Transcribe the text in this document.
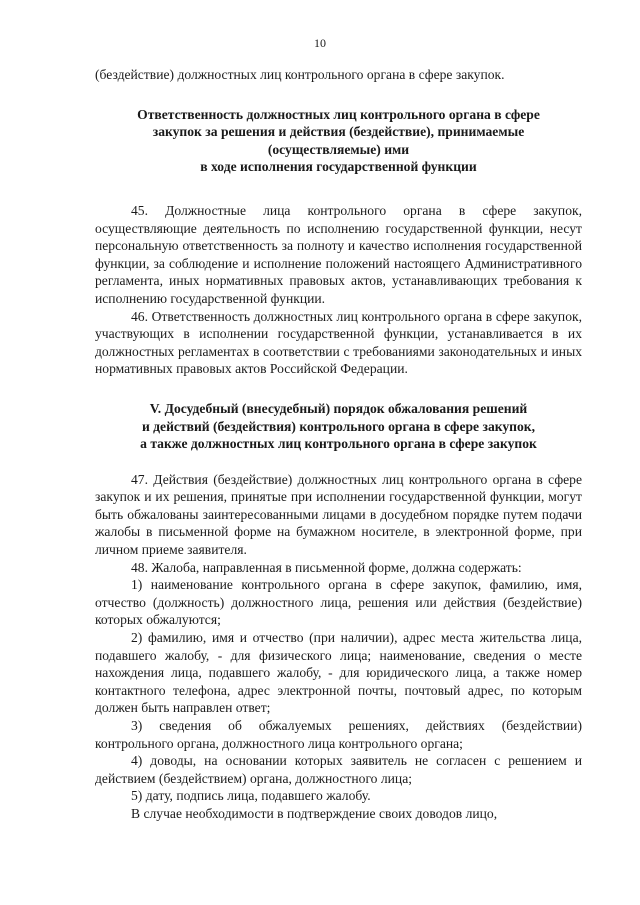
10

(бездействие) должностных лиц контрольного органа в сфере закупок.

Ответственность должностных лиц контрольного органа в сфере
закупок за решения и действия (бездействие), принимаемые
(осуществляемые) ими
в ходе исполнения государственной функции

45. Должностные лица контрольного органа в сфере закупок, осуществляющие деятельность по исполнению государственной функции, несут персональную ответственность за полноту и качество исполнения государственной функции, за соблюдение и исполнение положений настоящего Административного регламента, иных нормативных правовых актов, устанавливающих требования к исполнению государственной функции.

46. Ответственность должностных лиц контрольного органа в сфере закупок, участвующих в исполнении государственной функции, устанавливается в их должностных регламентах в соответствии с требованиями законодательных и иных нормативных правовых актов Российской Федерации.

V. Досудебный (внесудебный) порядок обжалования решений
и действий (бездействия) контрольного органа в сфере закупок,
а также должностных лиц контрольного органа в сфере закупок

47. Действия (бездействие) должностных лиц контрольного органа в сфере закупок и их решения, принятые при исполнении государственной функции, могут быть обжалованы заинтересованными лицами в досудебном порядке путем подачи жалобы в письменной форме на бумажном носителе, в электронной форме, при личном приеме заявителя.

48. Жалоба, направленная в письменной форме, должна содержать:

1) наименование контрольного органа в сфере закупок, фамилию, имя, отчество (должность) должностного лица, решения или действия (бездействие) которых обжалуются;

2) фамилию, имя и отчество (при наличии), адрес места жительства лица, подавшего жалобу, - для физического лица; наименование, сведения о месте нахождения лица, подавшего жалобу, - для юридического лица, а также номер контактного телефона, адрес электронной почты, почтовый адрес, по которым должен быть направлен ответ;

3) сведения об обжалуемых решениях, действиях (бездействии) контрольного органа, должностного лица контрольного органа;

4) доводы, на основании которых заявитель не согласен с решением и действием (бездействием) органа, должностного лица;

5) дату, подпись лица, подавшего жалобу.

В случае необходимости в подтверждение своих доводов лицо,
